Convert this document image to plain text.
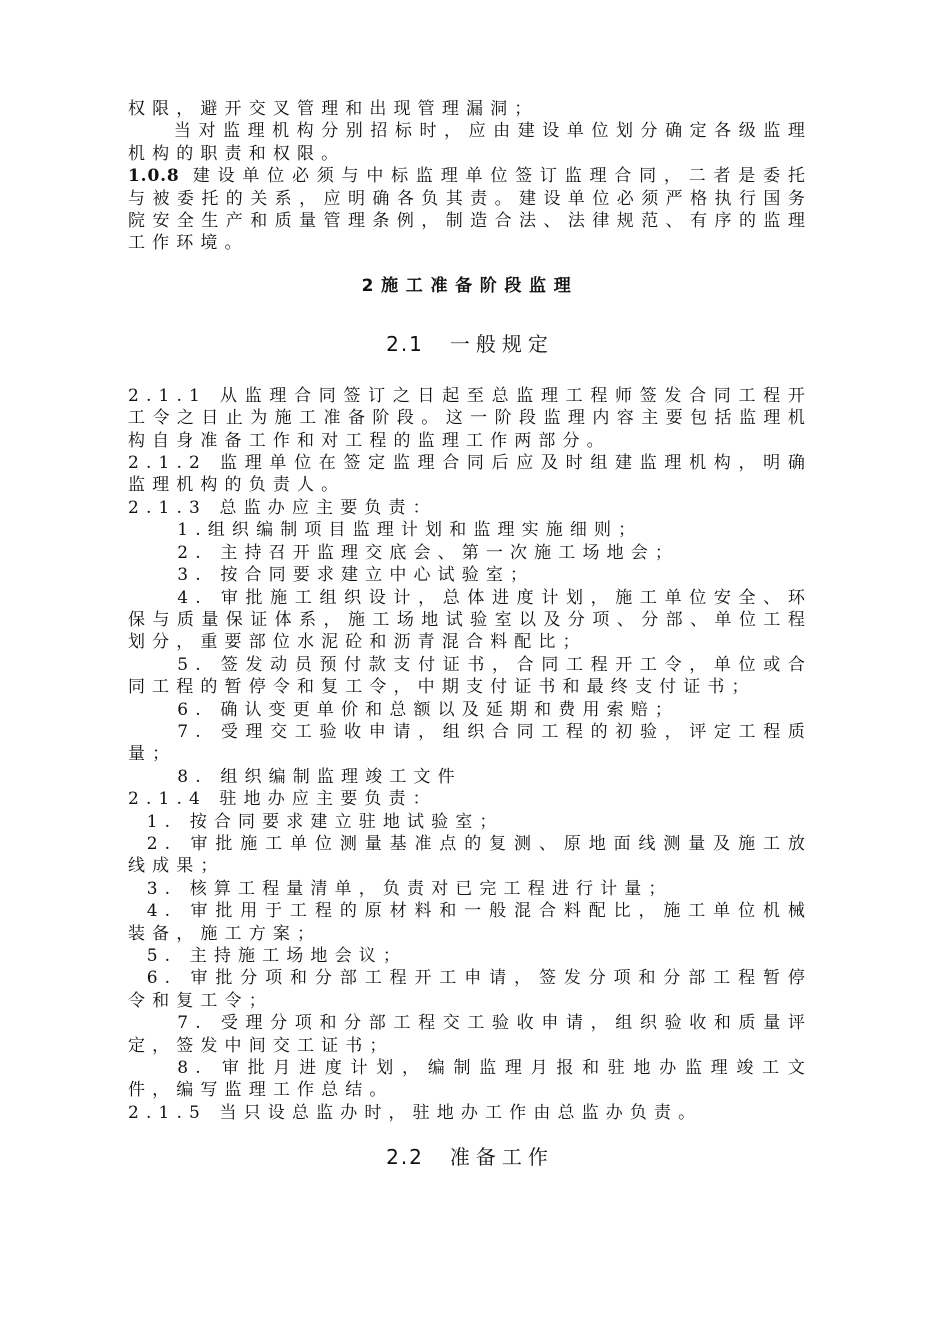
权限，避开交叉管理和出现管理漏洞；

当对监理机构分别招标时，应由建设单位划分确定各级监理机构的职责和权限。

1.0.8 建设单位必须与中标监理单位签订监理合同，二者是委托与被委托的关系，应明确各负其责。建设单位必须严格执行国务院安全生产和质量管理条例，制造合法、法律规范、有序的监理工作环境。

2施工准备阶段监理
2.1 一般规定

2.1.1 从监理合同签订之日起至总监理工程师签发合同工程开工令之日止为施工准备阶段。这一阶段监理内容主要包括监理机构自身准备工作和对工程的监理工作两部分。

2.1.2 监理单位在签定监理合同后应及时组建监理机构，明确监理机构的负责人。

2.1.3 总监办应主要负责：

1.组织编制项目监理计划和监理实施细则；

2. 主持召开监理交底会、第一次施工场地会；

3. 按合同要求建立中心试验室；

4. 审批施工组织设计，总体进度计划，施工单位安全、环保与质量保证体系，施工场地试验室以及分项、分部、单位工程划分，重要部位水泥砼和沥青混合料配比；

5. 签发动员预付款支付证书，合同工程开工令，单位或合同工程的暂停令和复工令，中期支付证书和最终支付证书；

6. 确认变更单价和总额以及延期和费用索赔；

7. 受理交工验收申请，组织合同工程的初验，评定工程质量；

8. 组织编制监理竣工文件

2.1.4 驻地办应主要负责：

1. 按合同要求建立驻地试验室；

2. 审批施工单位测量基准点的复测、原地面线测量及施工放线成果；

3. 核算工程量清单，负责对已完工程进行计量；

4. 审批用于工程的原材料和一般混合料配比，施工单位机械装备，施工方案；

5. 主持施工场地会议；

6. 审批分项和分部工程开工申请，签发分项和分部工程暂停令和复工令；

7. 受理分项和分部工程交工验收申请，组织验收和质量评定，签发中间交工证书；

8. 审批月进度计划，编制监理月报和驻地办监理竣工文件，编写监理工作总结。

2.1.5 当只设总监办时，驻地办工作由总监办负责。

2.2 准备工作
